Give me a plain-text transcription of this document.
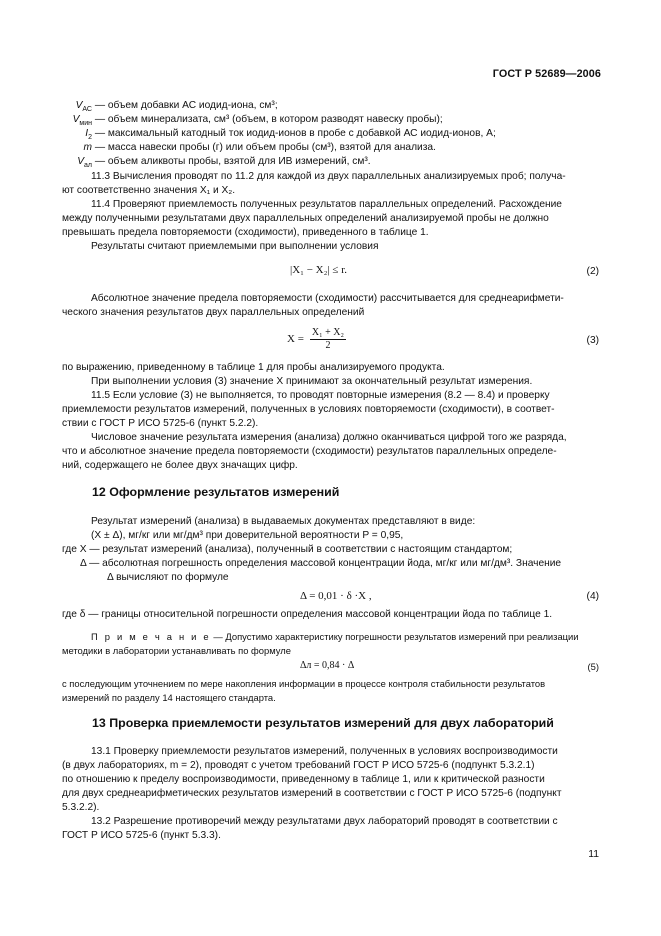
ГОСТ Р 52689—2006
$V_{АС}$ — объем добавки АС иодид-иона, см³;
$V_{мин}$ — объем минерализата, см³ (объем, в котором разводят навеску пробы);
$I_2$ — максимальный катодный ток иодид-ионов в пробе с добавкой АС иодид-ионов, А;
m — масса навески пробы (г) или объем пробы (см³), взятой для анализа.
$V_{ал}$ — объем аликвоты пробы, взятой для ИВ измерений, см³.
11.3 Вычисления проводят по 11.2 для каждой из двух параллельных анализируемых проб; получа-
ют соответственно значения X₁ и X₂.
11.4 Проверяют приемлемость полученных результатов параллельных определений. Расхождение
между полученными результатами двух параллельных определений анализируемой пробы не должно
превышать предела повторяемости (сходимости), приведенного в таблице 1.
Результаты считают приемлемыми при выполнении условия
|X₁ − X₂| ≤ r.	(2)
Абсолютное значение предела повторяемости (сходимости) рассчитывается для среднеарифмети-
ческого значения результатов двух параллельных определений
$X = \frac{\text{X₁ + X₂}}{2}$	(3)
по выражению, приведенному в таблице 1 для пробы анализируемого продукта.
При выполнении условия (3) значение X принимают за окончательный результат измерения.
11.5 Если условие (3) не выполняется, то проводят повторные измерения (8.2 — 8.4) и проверку
приемлемости результатов измерений, полученных в условиях повторяемости (сходимости), в соответ-
ствии с ГОСТ Р ИСО 5725-6 (пункт 5.2.2).
Числовое значение результата измерения (анализа) должно оканчиваться цифрой того же разряда,
что и абсолютное значение предела повторяемости (сходимости) результатов параллельных определе-
ний, содержащего не более двух значащих цифр.
12 Оформление результатов измерений
Результат измерений (анализа) в выдаваемых документах представляют в виде:
(X ± Δ), мг/кг или мг/дм³ при доверительной вероятности P = 0,95,
где X — результат измерений (анализа), полученный в соответствии с настоящим стандартом;
Δ — абсолютная погрешность определения массовой концентрации йода, мг/кг или мг/дм³. Значение
Δ вычисляют по формуле
Δ = 0,01 · δ ·X ,	(4)
где δ — границы относительной погрешности определения массовой концентрации йода по таблице 1.
П р и м е ч а н и е — Допустимо характеристику погрешности результатов измерений при реализации
методики в лаборатории устанавливать по формуле
Δл = 0,84 · Δ	(5)
с последующим уточнением по мере накопления информации в процессе контроля стабильности результатов
измерений по разделу 14 настоящего стандарта.
13 Проверка приемлемости результатов измерений для двух лабораторий
13.1 Проверку приемлемости результатов измерений, полученных в условиях воспроизводимости
(в двух лабораториях, m = 2), проводят с учетом требований ГОСТ Р ИСО 5725-6 (подпункт 5.3.2.1)
по отношению к пределу воспроизводимости, приведенному в таблице 1, или к критической разности
для двух среднеарифметических результатов измерений в соответствии с ГОСТ Р ИСО 5725-6 (подпункт
5.3.2.2).
13.2 Разрешение противоречий между результатами двух лабораторий проводят в соответствии с
ГОСТ Р ИСО 5725-6 (пункт 5.3.3).
11
